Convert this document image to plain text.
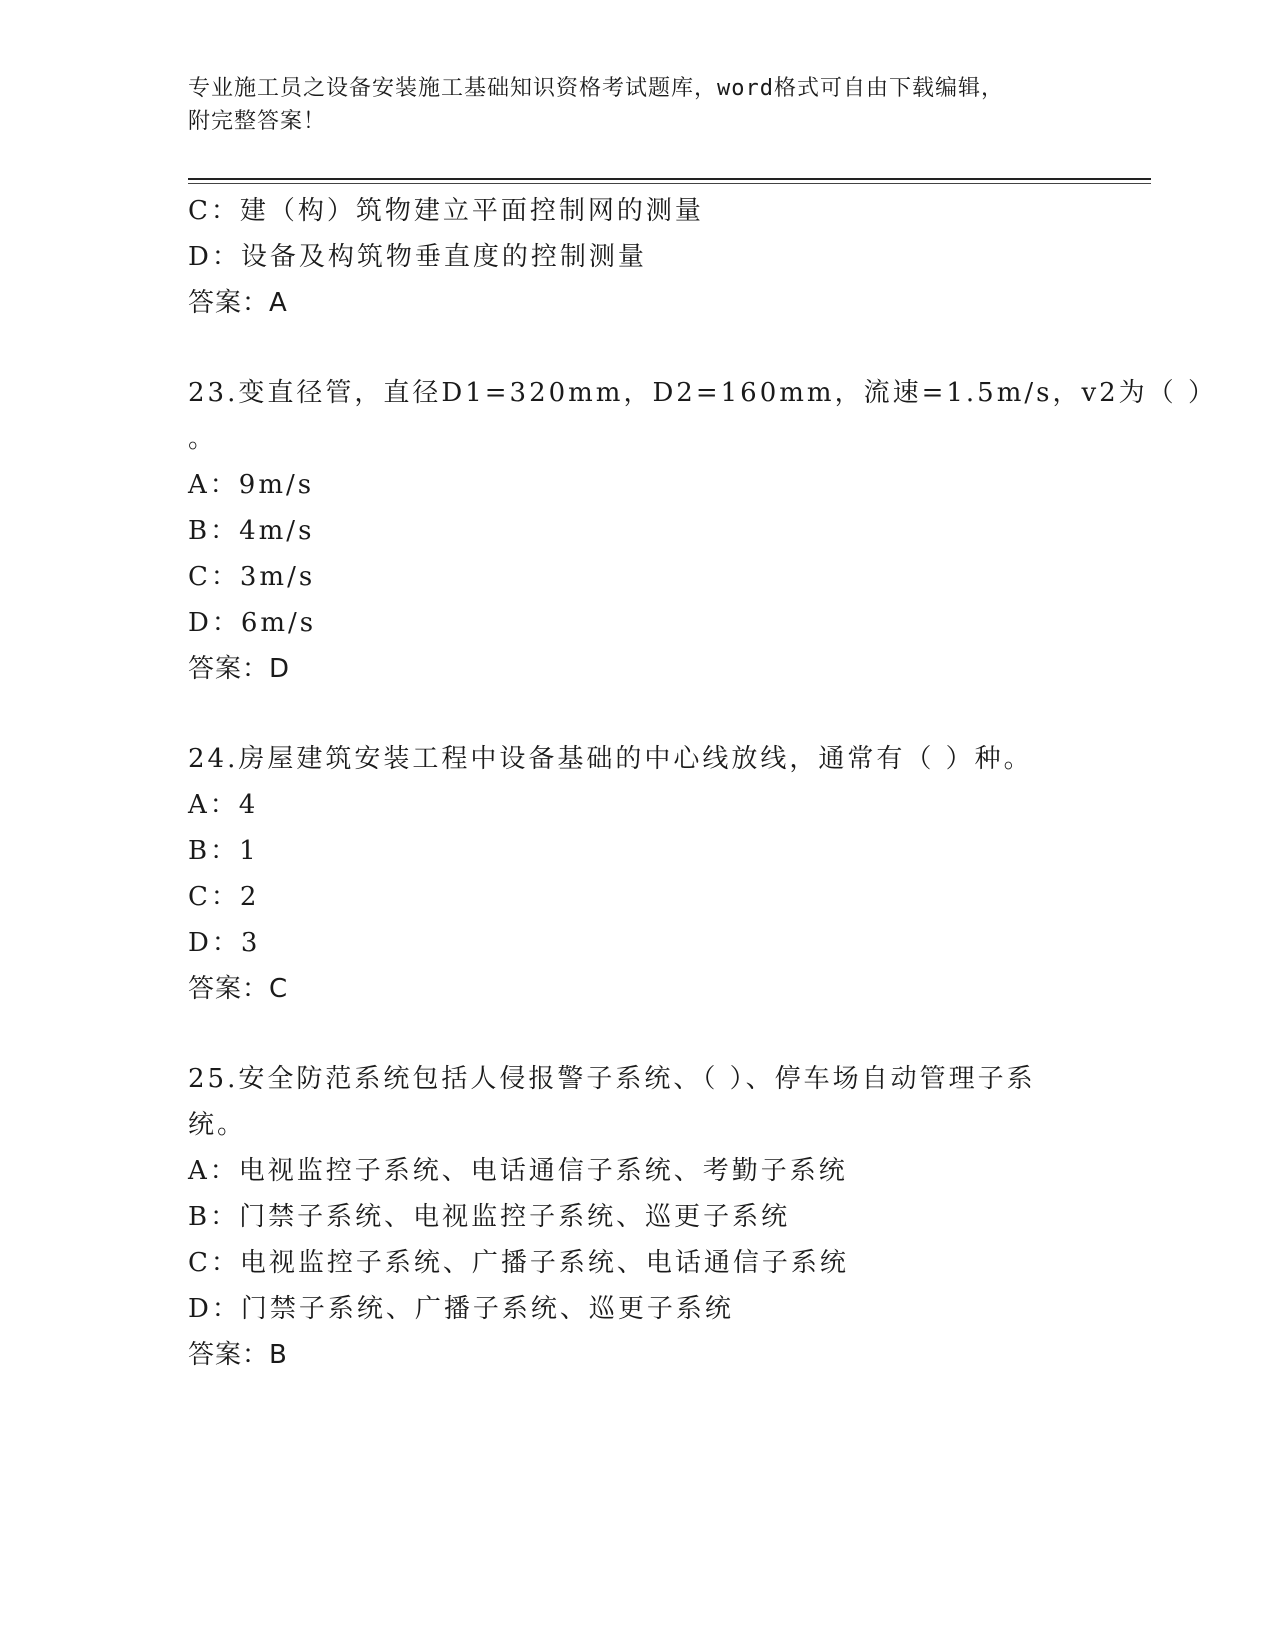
专业施工员之设备安装施工基础知识资格考试题库，word格式可自由下载编辑，
附完整答案！
C：建（构）筑物建立平面控制网的测量
D：设备及构筑物垂直度的控制测量
答案：A
23.变直径管，直径D1=320mm，D2=160mm，流速=1.5m/s，v2为（ ）
。
A：9m/s
B：4m/s
C：3m/s
D：6m/s
答案：D
24.房屋建筑安装工程中设备基础的中心线放线，通常有（ ）种。
A：4
B：1
C：2
D：3
答案：C
25.安全防范系统包括人侵报警子系统、（ ）、停车场自动管理子系
统。
A：电视监控子系统、电话通信子系统、考勤子系统
B：门禁子系统、电视监控子系统、巡更子系统
C：电视监控子系统、广播子系统、电话通信子系统
D：门禁子系统、广播子系统、巡更子系统
答案：B
